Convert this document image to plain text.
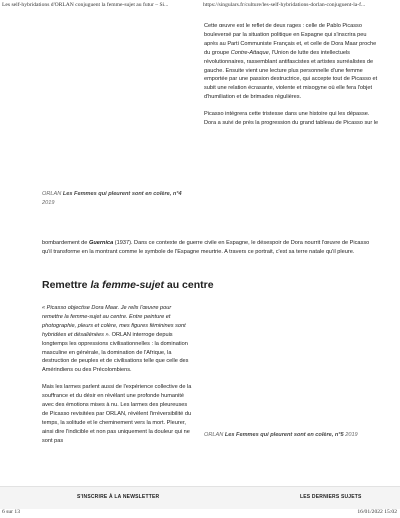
Les self-hybridations d'ORLAN conjuguent la femme-sujet au futur – Si...	https://singulars.fr/culture/les-self-hybridations-dorlan-conjuguent-la-f...

Cette œuvre est le reflet de deux rages : celle de Pablo Picasso bouleversé par la situation politique en Espagne qui s'inscrira peu après au Parti Communiste Français et, et celle de Dora Maar proche du groupe Contre-Attaque, l'Union de lutte des intellectuels révolutionnaires, rassemblant antifascistes et artistes surréalistes de gauche. Ensuite vient une lecture plus personnelle d'une femme emportée par une passion destructrice, qui accepte tout de Picasso et subit une relation écrasante, violente et misogyne où elle fera l'objet d'humiliation et de brimades régulières.

Picasso intégrera cette tristesse dans une histoire qui les dépasse. Dora a suivi de près la progression du grand tableau de Picasso sur le

ORLAN Les Femmes qui pleurent sont en colère, n°4 2019
bombardement de Guernica (1937). Dans ce contexte de guerre civile en Espagne, le désespoir de Dora nourrit l'œuvre de Picasso qu'il transforme en la montrant comme le symbole de l'Espagne meurtrie. A travers ce portrait, c'est sa terre natale qu'il pleure.
Remettre la femme-sujet au centre

« Picasso objectise Dora Maar. Je relis l'œuvre pour remettre la femme-sujet au centre. Entre peinture et photographie, pleurs et colère, mes figures féminines sont hybridées et désaliénées ». ORLAN interroge depuis longtemps les oppressions civilisationnelles : la domination masculine en générale, la domination de l'Afrique, la destruction de peuples et de civilisations telle que celle des Amérindiens ou des Précolombiens.

Mais les larmes parlent aussi de l'expérience collective de la souffrance et du désir en révélant une profonde humanité avec des émotions mises à nu. Les larmes des pleureuses de Picasso revisitées par ORLAN, révèlent l'irréversibilité du temps, la solitude et le cheminement vers la mort. Pleurer, ainsi dire l'indicible et non pas uniquement la douleur qui ne sont pas

ORLAN Les Femmes qui pleurent sont en colère, n°5 2019
S'INSCRIRE À LA NEWSLETTER	LES DERNIERS SUJETS
6 sur 13	16/01/2022 15:02
